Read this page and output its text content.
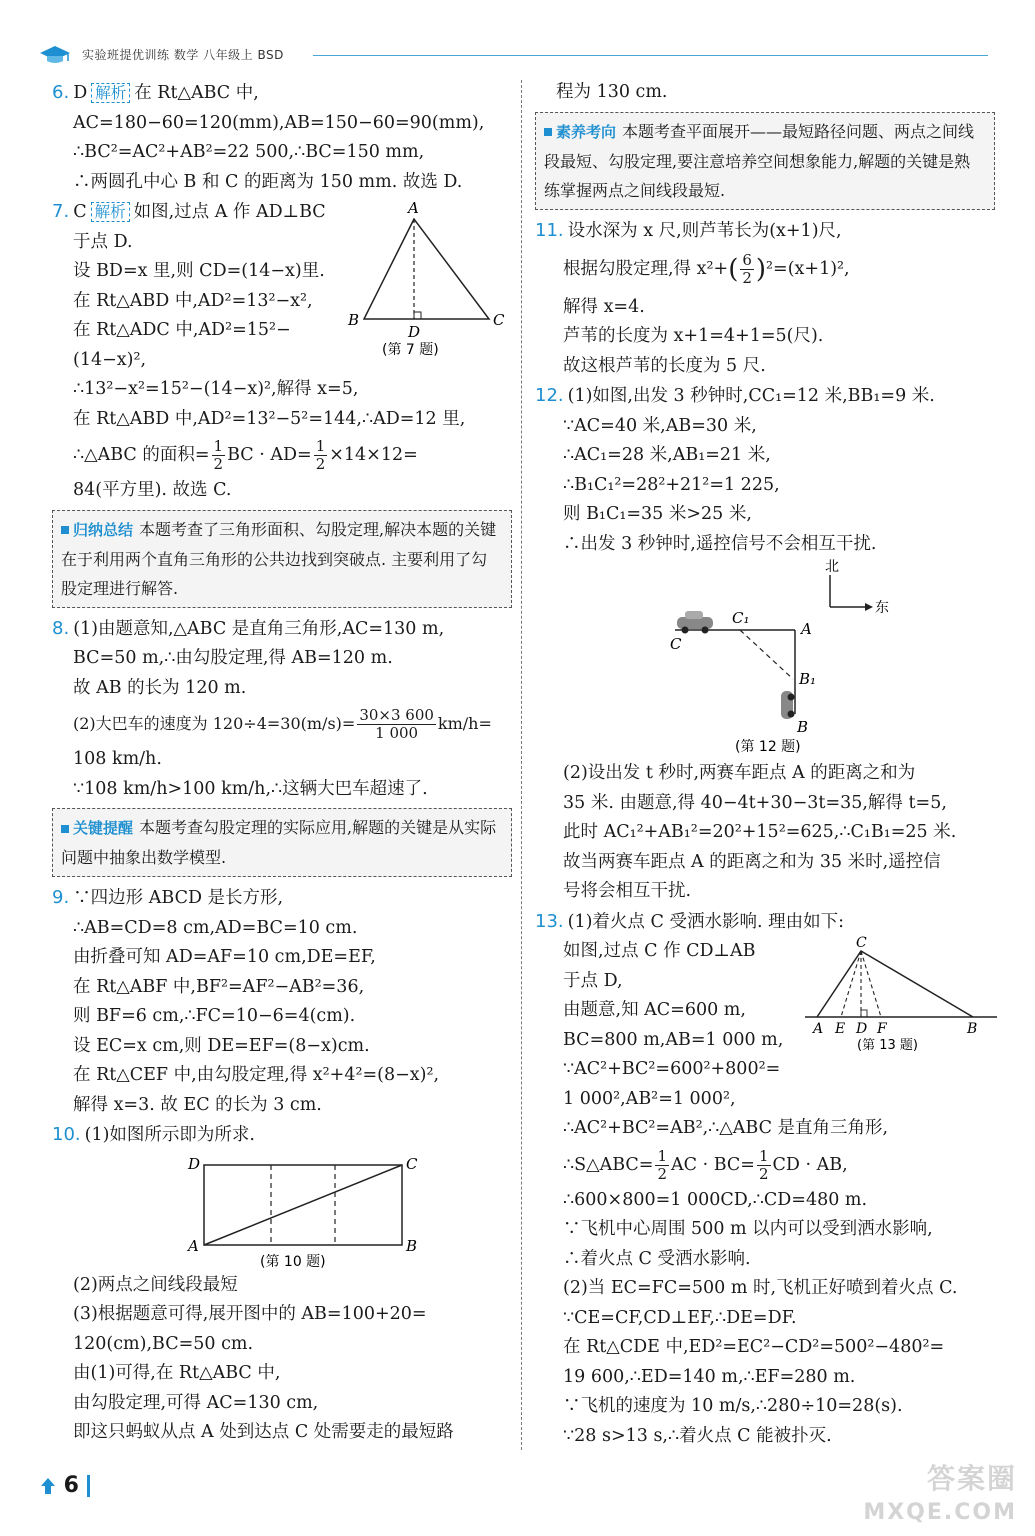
实验班提优训练 数学 八年级上 BSD
6. D 解析 在 Rt△ABC 中,
AC=180−60=120(mm),AB=150−60=90(mm),
∴BC²=AC²+AB²=22 500,∴BC=150 mm,
∴两圆孔中心 B 和 C 的距离为 150 mm. 故选 D.
A
B	C
D
(第 7 题)
7. C 解析 如图,过点 A 作 AD⊥BC
于点 D.
设 BD=x 里,则 CD=(14−x)里.
在 Rt△ABD 中,AD²=13²−x²,
在 Rt△ADC 中,AD²=15²−
(14−x)²,
∴13²−x²=15²−(14−x)²,解得 x=5,
在 Rt△ABD 中,AD²=13²−5²=144,∴AD=12 里,
∴△ABC 的面积= $\frac{1}{2}$ BC · $AD= \frac{1}{2} \times 14\times 12=$
84(平方里). 故选 C.
归纳总结 本题考查了三角形面积、勾股定理,解决本题的关键在于利用两个直角三角形的公共边找到突破点. 主要利用了勾股定理进行解答.
8. (1)由题意知,△ABC 是直角三角形,AC=130 m,
BC=50 m,∴由勾股定理,得 AB=120 m.
故 AB 的长为 120 m.
(2)大巴车的速度为 $120\div 4=30(m/s)= \frac{30\times 3 600}{1 000} km/h=$
108 km/h.
∵108 km/h>100 km/h,∴这辆大巴车超速了.
关键提醒 本题考查勾股定理的实际应用,解题的关键是从实际问题中抽象出数学模型.
9. ∵四边形 ABCD 是长方形,
∴AB=CD=8 cm,AD=BC=10 cm.
由折叠可知 AD=AF=10 cm,DE=EF,
在 Rt△ABF 中,BF²=AF²−AB²=36,
则 BF=6 cm,∴FC=10−6=4(cm).
设 EC=x cm,则 DE=EF=(8−x)cm.
在 Rt△CEF 中,由勾股定理,得 x²+4²=(8−x)²,
解得 x=3. 故 EC 的长为 3 cm.
10. (1)如图所示即为所求.
D	C
A	B
(第 10 题)
(2)两点之间线段最短
(3)根据题意可得,展开图中的 AB=100+20=
120(cm),BC=50 cm.
由(1)可得,在 Rt△ABC 中,
由勾股定理,可得 AC=130 cm,
即这只蚂蚁从点 A 处到达点 C 处需要走的最短路
程为 130 cm.
素养考向 本题考查平面展开——最短路径问题、两点之间线段最短、勾股定理,要注意培养空间想象能力,解题的关键是熟练掌握两点之间线段最短.
11. 设水深为 x 尺,则芦苇长为(x+1)尺,
根据勾股定理,得 $x^2+( \frac{6}{2} )^2=(x+1)^2$,
解得 x=4.
芦苇的长度为 x+1=4+1=5(尺).
故这根芦苇的长度为 5 尺.
12. (1)如图,出发 3 秒钟时,CC₁=12 米,BB₁=9 米.
∵AC=40 米,AB=30 米,
∴AC₁=28 米,AB₁=21 米,
∴B₁C₁²=28²+21²=1 225,
则 B₁C₁=35 米>25 米,
∴出发 3 秒钟时,遥控信号不会相互干扰.
北
东
C
C₁
A
B₁
B
(第 12 题)
(2)设出发 t 秒时,两赛车距点 A 的距离之和为
35 米. 由题意,得 40−4t+30−3t=35,解得 t=5,
此时 AC₁²+AB₁²=20²+15²=625,∴C₁B₁=25 米.
故当两赛车距点 A 的距离之和为 35 米时,遥控信
号将会相互干扰.
C
A E D F	B
(第 13 题)
13. (1)着火点 C 受洒水影响. 理由如下:
如图,过点 C 作 CD⊥AB
于点 D,
由题意,知 AC=600 m,
BC=800 m,AB=1 000 m,
∵AC²+BC²=600²+800²=
1 000²,AB²=1 000²,
∴AC²+BC²=AB²,∴△ABC 是直角三角形,
∴S△ABC= $\frac{1}{2}$ AC · $BC= \frac{1}{2}$ CD · AB,
∴600×800=1 000CD,∴CD=480 m.
∵飞机中心周围 500 m 以内可以受到洒水影响,
∴着火点 C 受洒水影响.
(2)当 EC=FC=500 m 时,飞机正好喷到着火点 C.
∵CE=CF,CD⊥EF,∴DE=DF.
在 Rt△CDE 中,ED²=EC²−CD²=500²−480²=
19 600,∴ED=140 m,∴EF=280 m.
∵飞机的速度为 10 m/s,∴280÷10=28(s).
∵28 s>13 s,∴着火点 C 能被扑灭.
6	答案圈
MXQE.COM
